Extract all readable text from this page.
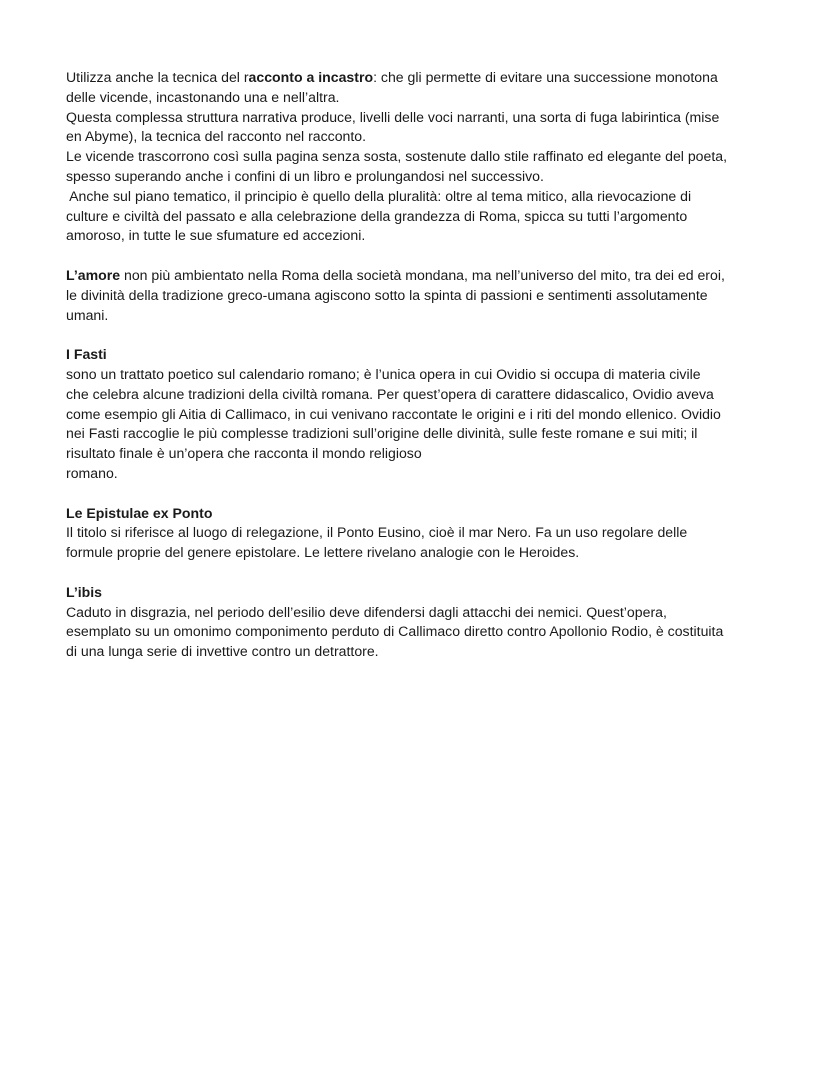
Utilizza anche la tecnica del racconto a incastro: che gli permette di evitare una successione monotona
delle vicende, incastonando una e nell’altra.
Questa complessa struttura narrativa produce, livelli delle voci narranti, una sorta di fuga labirintica (mise
en Abyme), la tecnica del racconto nel racconto.
Le vicende trascorrono così sulla pagina senza sosta, sostenute dallo stile raffinato ed elegante del poeta,
spesso superando anche i confini di un libro e prolungandosi nel successivo.
Anche sul piano tematico, il principio è quello della pluralità: oltre al tema mitico, alla rievocazione di
culture e civiltà del passato e alla celebrazione della grandezza di Roma, spicca su tutti l’argomento
amoroso, in tutte le sue sfumature ed accezioni.
L’amore non più ambientato nella Roma della società mondana, ma nell’universo del mito, tra dei ed eroi,
le divinità della tradizione greco-umana agiscono sotto la spinta di passioni e sentimenti assolutamente
umani.
I Fasti
sono un trattato poetico sul calendario romano; è l’unica opera in cui Ovidio si occupa di materia civile
che celebra alcune tradizioni della civiltà romana. Per quest’opera di carattere didascalico, Ovidio aveva
come esempio gli Aitia di Callimaco, in cui venivano raccontate le origini e i riti del mondo ellenico. Ovidio
nei Fasti raccoglie le più complesse tradizioni sull’origine delle divinità, sulle feste romane e sui miti; il
risultato finale è un’opera che racconta il mondo religioso
romano.
Le Epistulae ex Ponto
Il titolo si riferisce al luogo di relegazione, il Ponto Eusino, cioè il mar Nero. Fa un uso regolare delle
formule proprie del genere epistolare. Le lettere rivelano analogie con le Heroides.
L’ibis
Caduto in disgrazia, nel periodo dell’esilio deve difendersi dagli attacchi dei nemici. Quest’opera,
esemplato su un omonimo componimento perduto di Callimaco diretto contro Apollonio Rodio, è costituita
di una lunga serie di invettive contro un detrattore.
